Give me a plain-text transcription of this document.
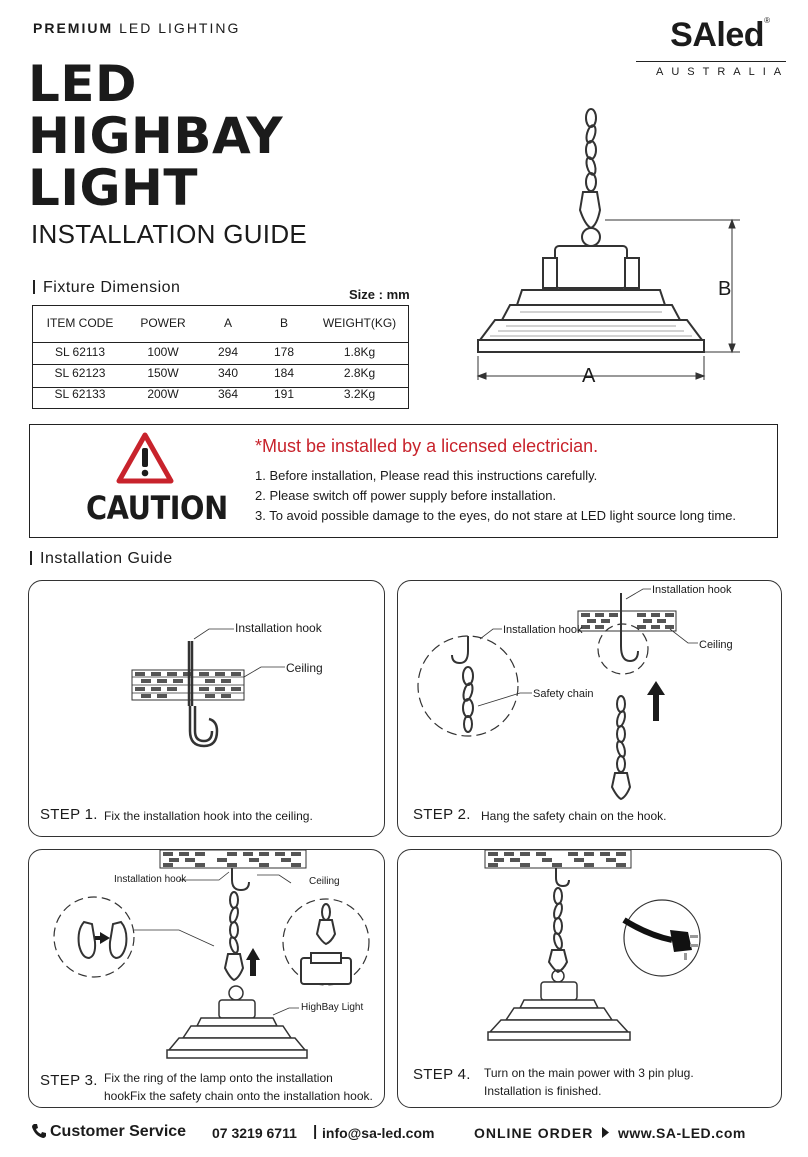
PREMIUM LED LIGHTING	SAled ®
AUSTRALIA
LED
HIGHBAY
LIGHT
INSTALLATION GUIDE
Fixture Dimension	Size : mm
ITEM CODE	POWER	A	B	WEIGHT(KG)
SL 62113	100W	294	178	1.8Kg
SL 62123	150W	340	184	2.8Kg
SL 62133	200W	364	191	3.2Kg
B
A
CAUTION
*Must be installed by a licensed electrician.
1. Before installation, Please read this instructions carefully.
2. Please switch off power supply before installation.
3. To avoid possible damage to the eyes, do not stare at LED light source long time.
Installation Guide
Installation hook
Ceiling
STEP 1. Fix the installation hook into the ceiling.
Installation hook
Installation hook
Ceiling
Safety chain
STEP 2. Hang the safety chain on the hook.
Installation hook	Ceiling
HighBay Light
STEP 3. Fix the ring of the lamp onto the installation
hookFix the safety chain onto the installation hook.
STEP 4. Turn on the main power with 3 pin plug.
Installation is finished.
Customer Service 07 3219 6711 | info@sa-led.com	ONLINE ORDER www.SA-LED.com
